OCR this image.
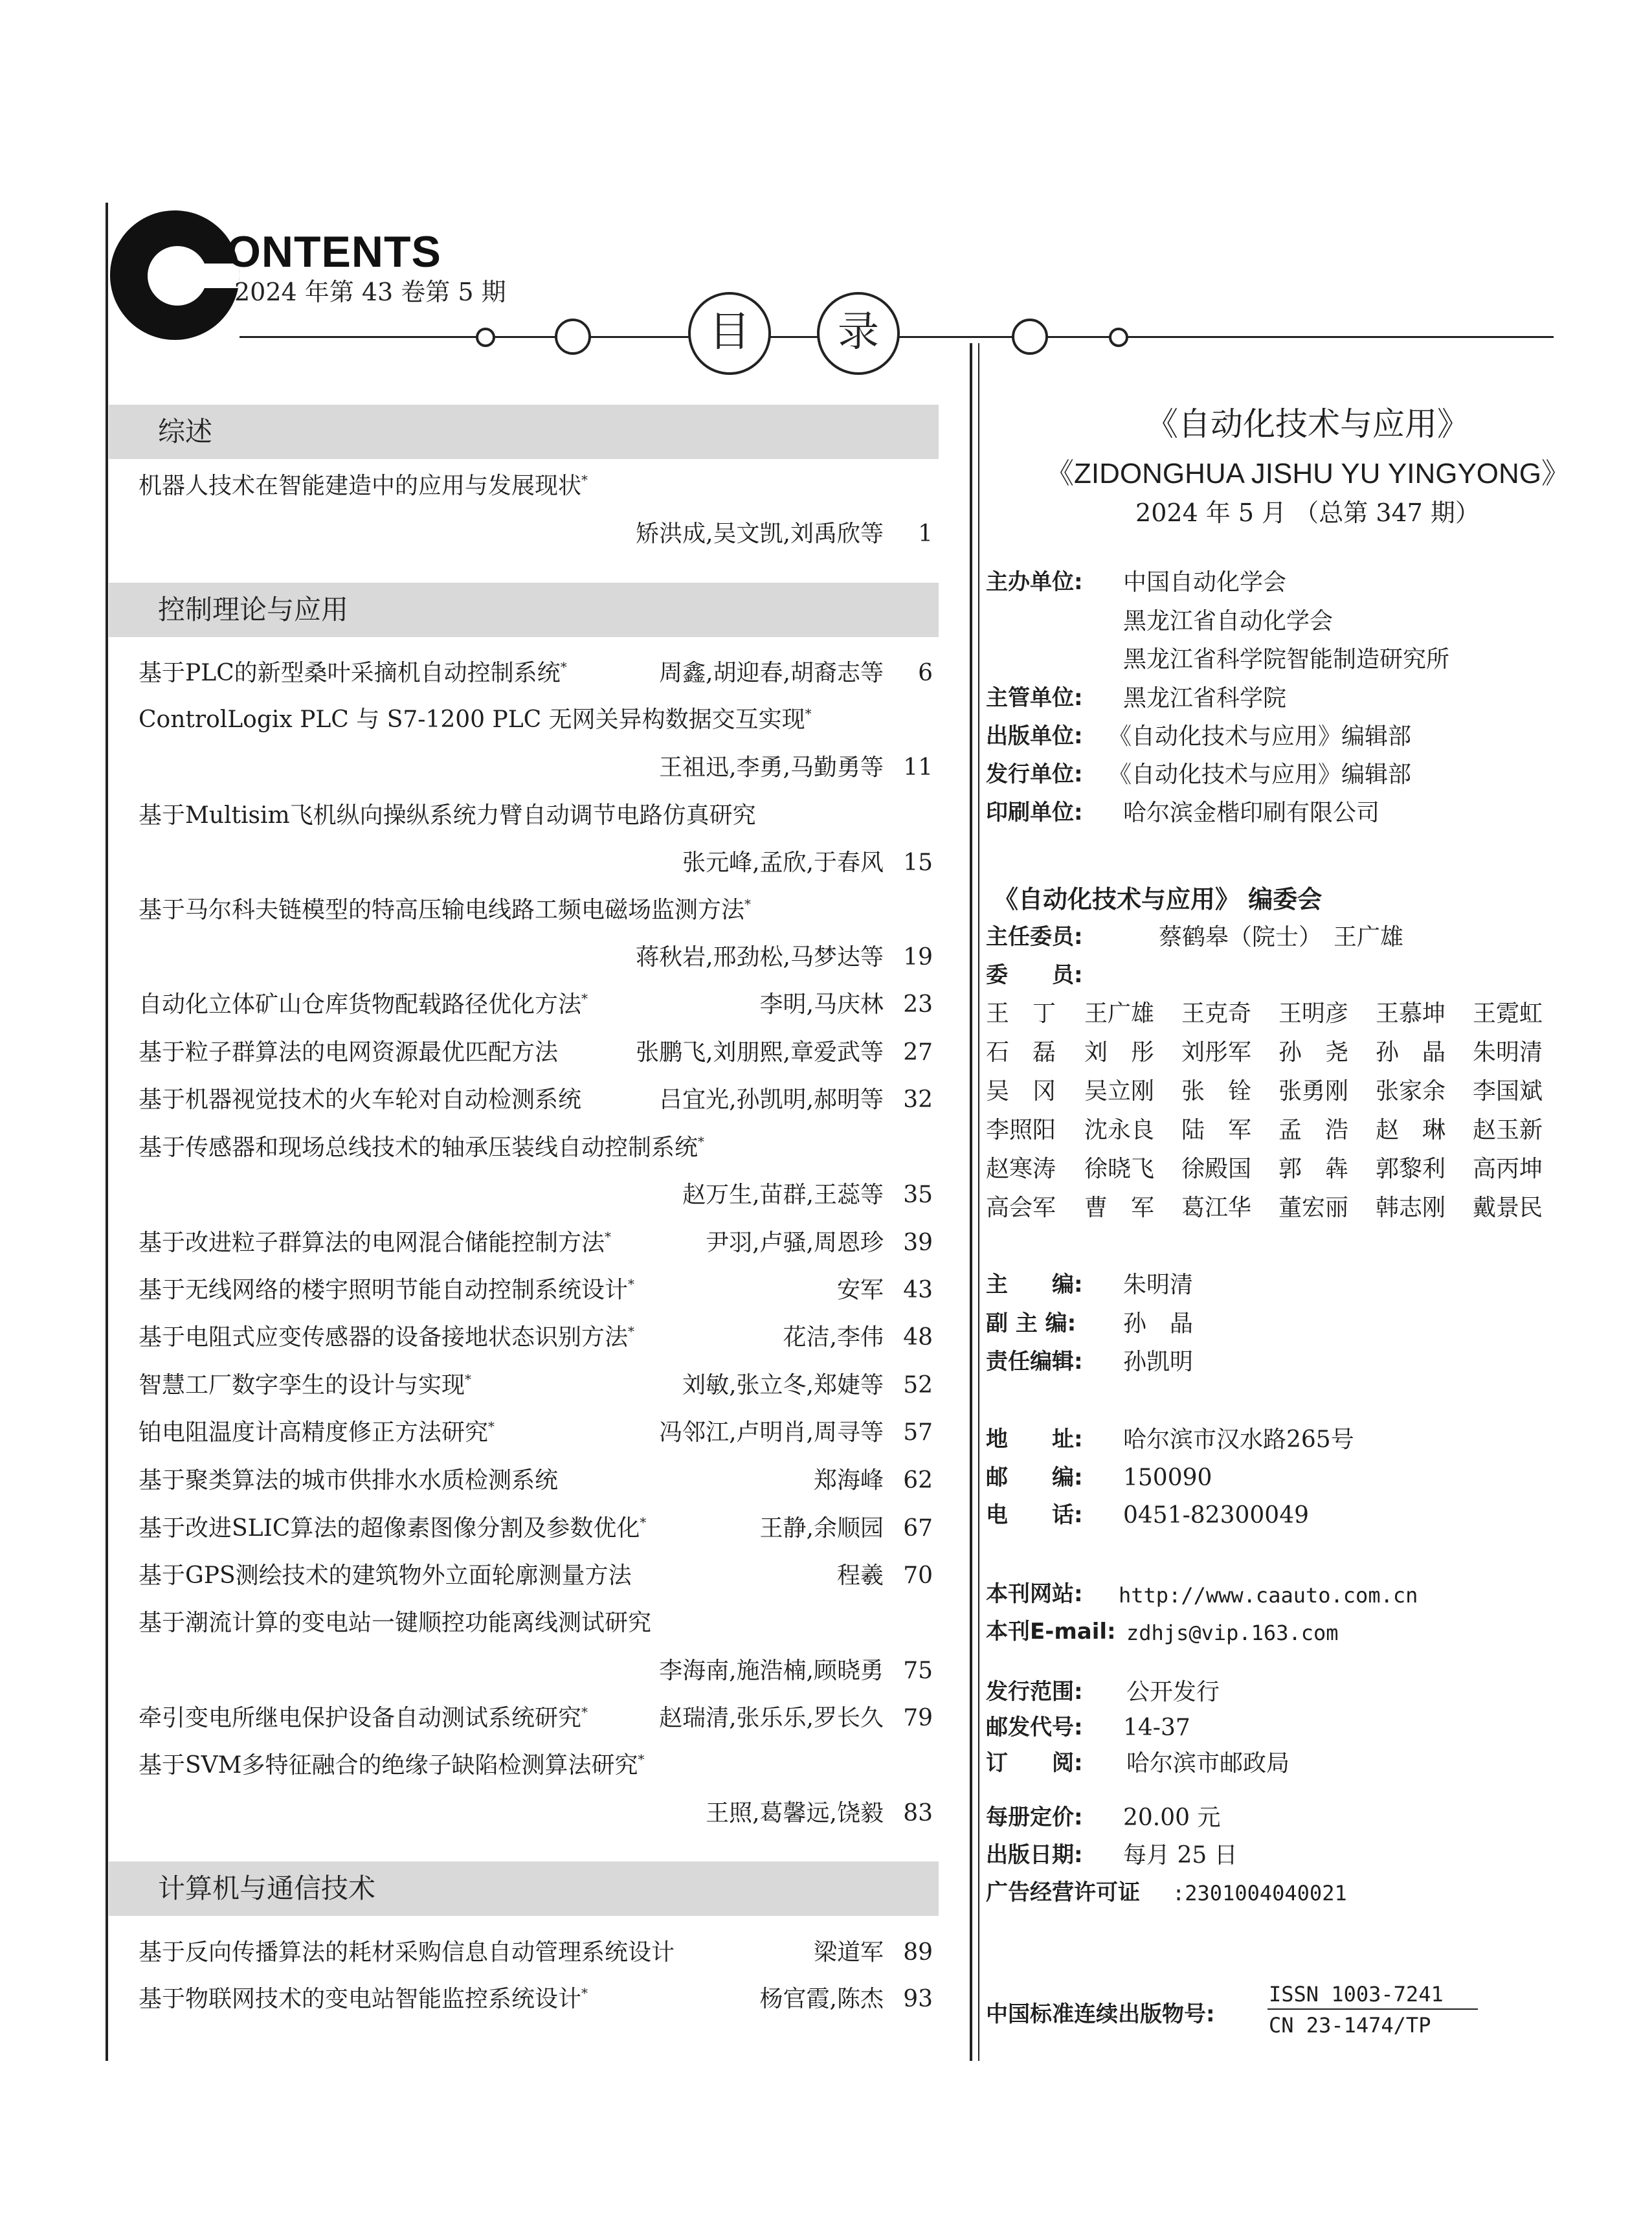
ONTENTS
2024 年第 43 卷第 5 期
目	录
综述
机器人技术在智能建造中的应用与发展现状*
矫洪成,吴文凯,刘禹欣等	1
控制理论与应用
基于PLC的新型桑叶采摘机自动控制系统*	周鑫,胡迎春,胡裔志等	6
ControlLogix PLC 与 S7-1200 PLC 无网关异构数据交互实现*
王祖迅,李勇,马勤勇等 11
基于Multisim飞机纵向操纵系统力臂自动调节电路仿真研究
张元峰,孟欣,于春风 15
基于马尔科夫链模型的特高压输电线路工频电磁场监测方法*
蒋秋岩,邢劲松,马梦达等 19
自动化立体矿山仓库货物配载路径优化方法*	李明,马庆林 23
基于粒子群算法的电网资源最优匹配方法	张鹏飞,刘朋熙,章爱武等 27
基于机器视觉技术的火车轮对自动检测系统	吕宜光,孙凯明,郝明等 32
基于传感器和现场总线技术的轴承压装线自动控制系统*
赵万生,苗群,王蕊等 35
基于改进粒子群算法的电网混合储能控制方法*	尹羽,卢骚,周恩珍 39
基于无线网络的楼宇照明节能自动控制系统设计*	安军 43
基于电阻式应变传感器的设备接地状态识别方法*	花洁,李伟 48
智慧工厂数字孪生的设计与实现*	刘敏,张立冬,郑婕等 52
铂电阻温度计高精度修正方法研究*	冯邻江,卢明肖,周寻等 57
基于聚类算法的城市供排水水质检测系统	郑海峰 62
基于改进SLIC算法的超像素图像分割及参数优化*	王静,余顺园 67
基于GPS测绘技术的建筑物外立面轮廓测量方法	程羲 70
基于潮流计算的变电站一键顺控功能离线测试研究
李海南,施浩楠,顾晓勇 75
牵引变电所继电保护设备自动测试系统研究*	赵瑞清,张乐乐,罗长久 79
基于SVM多特征融合的绝缘子缺陷检测算法研究*
王照,葛馨远,饶毅 83
计算机与通信技术
基于反向传播算法的耗材采购信息自动管理系统设计	梁道军 89
基于物联网技术的变电站智能监控系统设计*	杨官霞,陈杰 93
《自动化技术与应用》
《ZIDONGHUA JISHU YU YINGYONG》
2024 年 5 月 （总第 347 期）
主办单位: 中国自动化学会
黑龙江省自动化学会
黑龙江省科学院智能制造研究所
主管单位: 黑龙江省科学院
出版单位: 《自动化技术与应用》编辑部
发行单位: 《自动化技术与应用》编辑部
印刷单位: 哈尔滨金楷印刷有限公司
《自动化技术与应用》 编委会
主任委员:	蔡鹤皋（院士）　王广雄
委　　员:
王　丁 王广雄 王克奇 王明彦 王慕坤 王霓虹
石　磊 刘　彤 刘彤军 孙　尧 孙　晶 朱明清
吴　冈 吴立刚 张　铨 张勇刚 张家余 李国斌
李照阳 沈永良 陆　军 孟　浩 赵　琳 赵玉新
赵寒涛 徐晓飞 徐殿国 郭　犇 郭黎利 高丙坤
高会军 曹　军 葛江华 董宏丽 韩志刚 戴景民
主　　编: 朱明清
副 主 编: 孙　晶
责任编辑: 孙凯明
地　　址: 哈尔滨市汉水路265号
邮　　编: 150090
电　　话: 0451-82300049
本刊网站: http://www.caauto.com.cn
本刊E-mail: zdhjs@vip.163.com
发行范围: 公开发行
邮发代号: 14-37
订　　阅: 哈尔滨市邮政局
每册定价: 20.00 元
出版日期: 每月 25 日
广告经营许可证 :2301004040021
中国标准连续出版物号:
ISSN 1003-7241
CN 23-1474/TP
